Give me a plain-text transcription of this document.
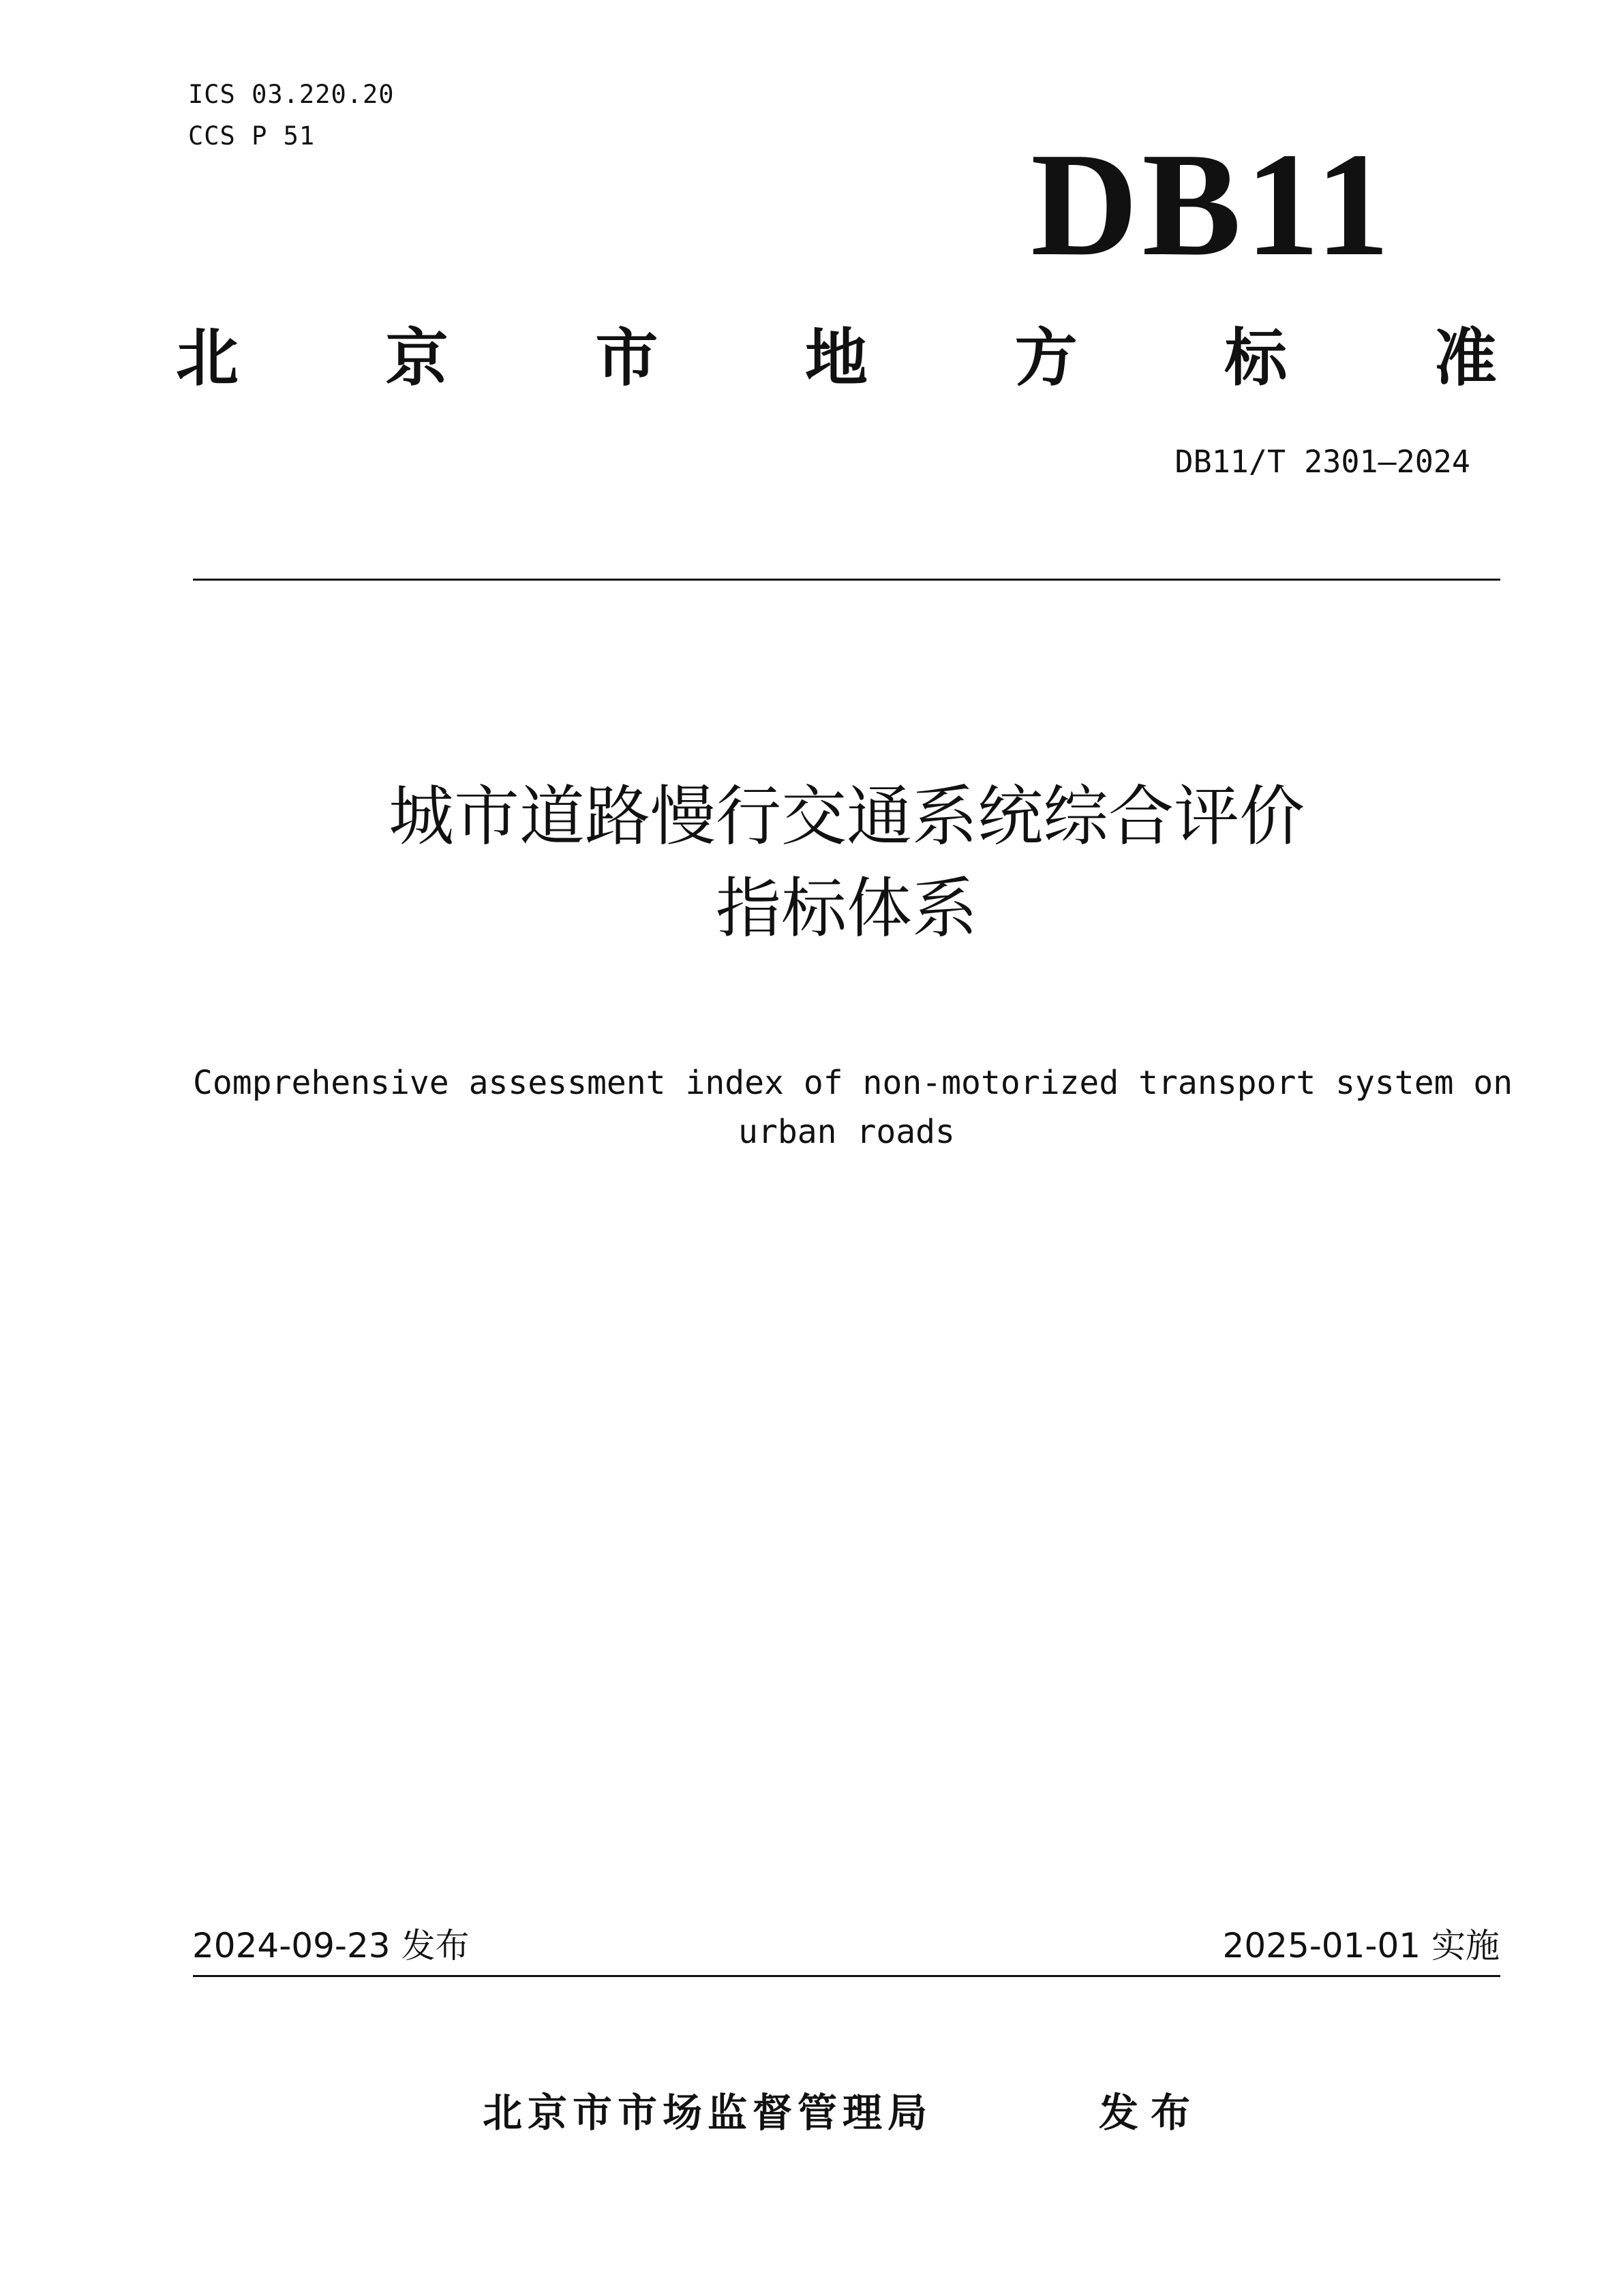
ICS 03.220.20
CCS P 51	DB11
北 京 市 地 方 标 准
DB11/T 2301—2024
城市道路慢行交通系统综合评价
指标体系
Comprehensive assessment index of non-motorized transport system on
urban roads
2024-09-23 发布	2025-01-01 实施
北京市市场监督管理局	发布
